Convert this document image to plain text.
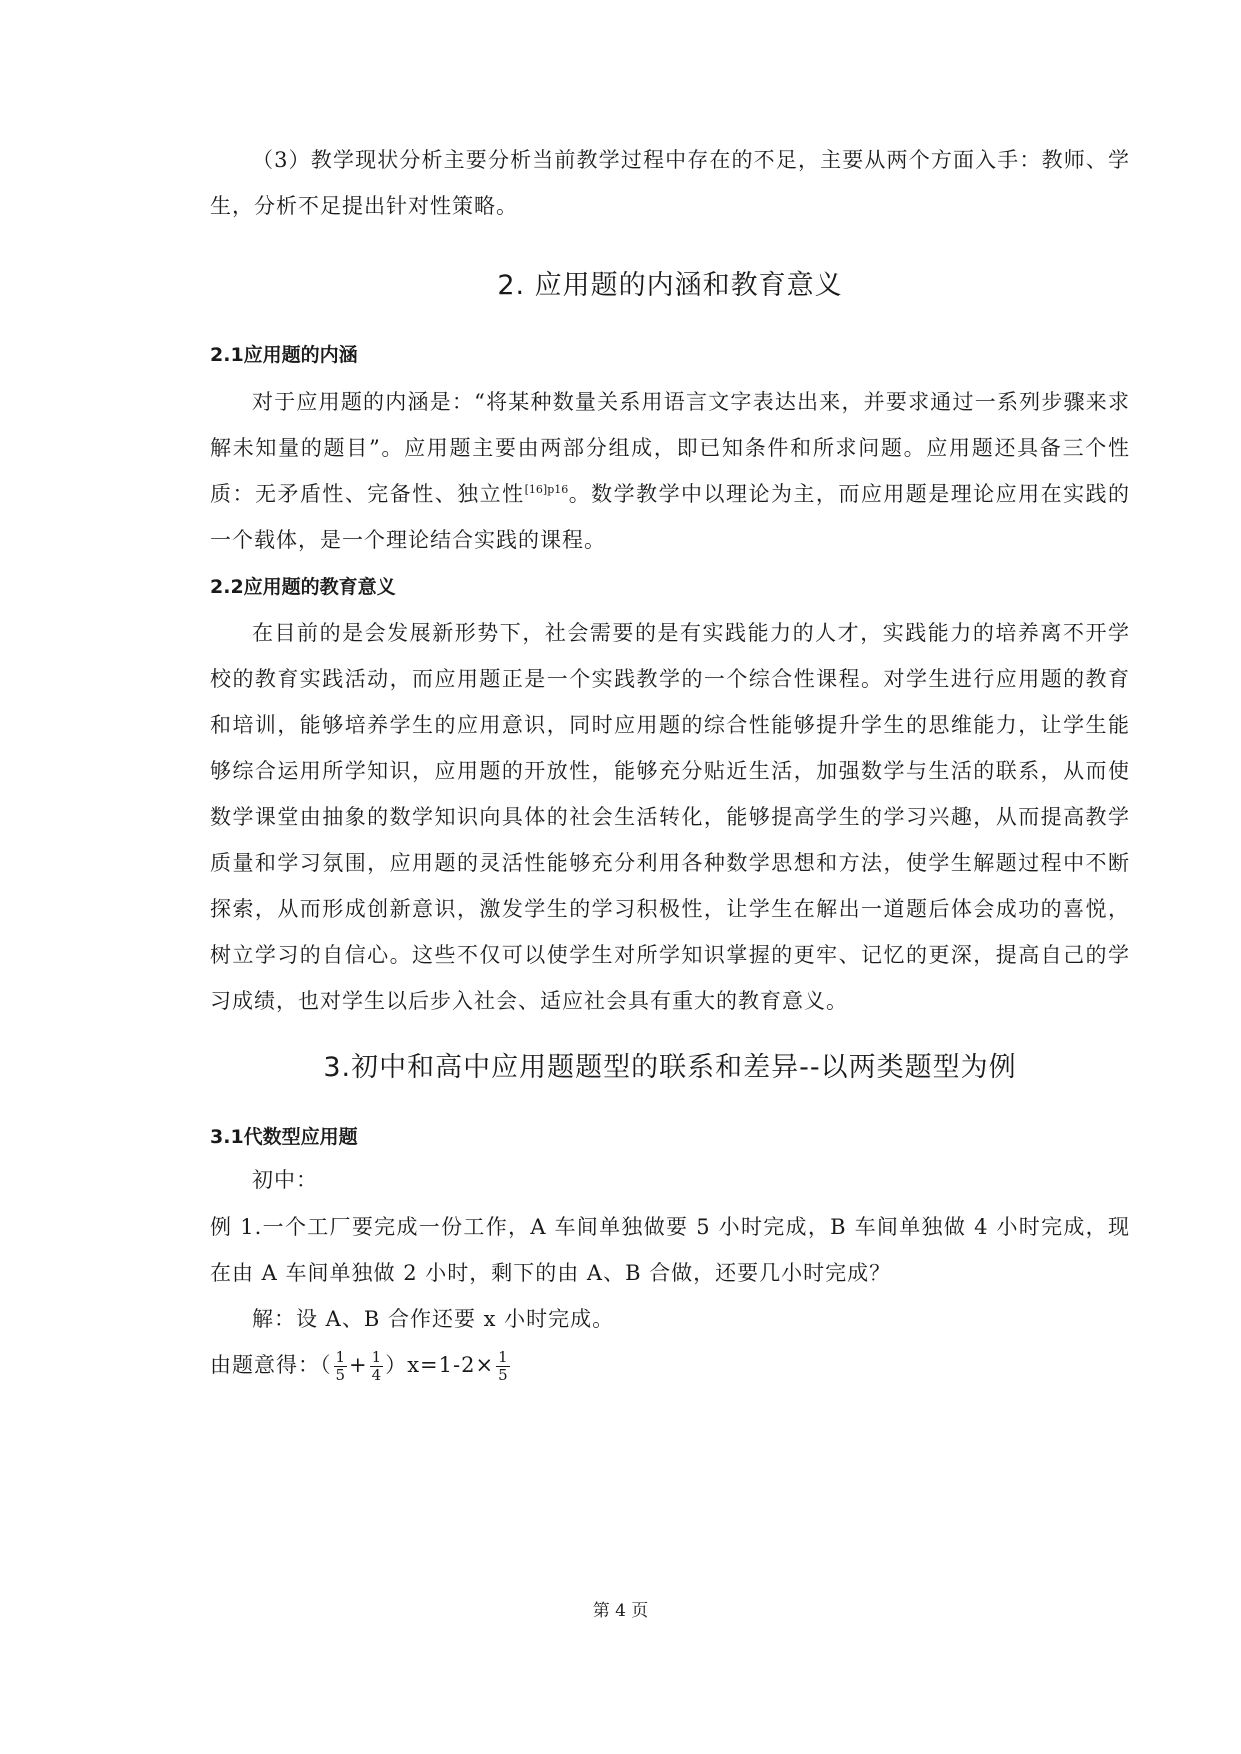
（3）教学现状分析主要分析当前教学过程中存在的不足，主要从两个方面入手：教师、学生，分析不足提出针对性策略。

2. 应用题的内涵和教育意义
2.1应用题的内涵

对于应用题的内涵是：“将某种数量关系用语言文字表达出来，并要求通过一系列步骤来求解未知量的题目”。应用题主要由两部分组成，即已知条件和所求问题。应用题还具备三个性质：无矛盾性、完备性、独立性$^{[16]p16}$。数学教学中以理论为主，而应用题是理论应用在实践的一个载体，是一个理论结合实践的课程。

2.2应用题的教育意义

在目前的是会发展新形势下，社会需要的是有实践能力的人才，实践能力的培养离不开学校的教育实践活动，而应用题正是一个实践教学的一个综合性课程。对学生进行应用题的教育和培训，能够培养学生的应用意识，同时应用题的综合性能够提升学生的思维能力，让学生能够综合运用所学知识，应用题的开放性，能够充分贴近生活，加强数学与生活的联系，从而使数学课堂由抽象的数学知识向具体的社会生活转化，能够提高学生的学习兴趣，从而提高教学质量和学习氛围，应用题的灵活性能够充分利用各种数学思想和方法，使学生解题过程中不断探索，从而形成创新意识，激发学生的学习积极性，让学生在解出一道题后体会成功的喜悦，树立学习的自信心。这些不仅可以使学生对所学知识掌握的更牢、记忆的更深，提高自己的学习成绩，也对学生以后步入社会、适应社会具有重大的教育意义。

3.初中和高中应用题题型的联系和差异--以两类题型为例
3.1代数型应用题

初中：

例 1.一个工厂要完成一份工作，A 车间单独做要 5 小时完成，B 车间单独做 4 小时完成，现在由 A 车间单独做 2 小时，剩下的由 A、B 合做，还要几小时完成？

解：设 A、B 合作还要 x 小时完成。

由题意得：（ $\frac{1}{5} + \frac{1}{4} )x=1-2\times \frac{1}{5}$

第 4 页
